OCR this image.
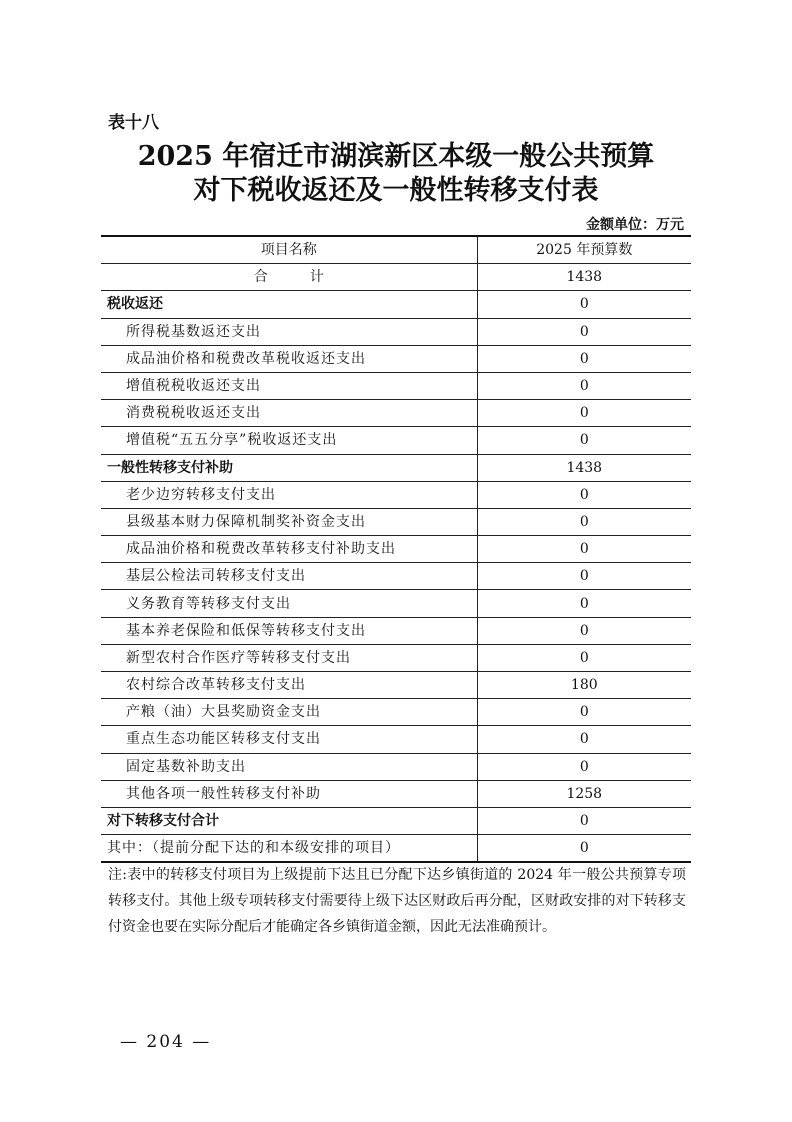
表十八
2025 年宿迁市湖滨新区本级一般公共预算
对下税收返还及一般性转移支付表
金额单位：万元
项目名称	2025 年预算数
合　　　计	1438
税收返还	0
所得税基数返还支出	0
成品油价格和税费改革税收返还支出	0
增值税税收返还支出	0
消费税税收返还支出	0
增值税“五五分享”税收返还支出	0
一般性转移支付补助	1438
老少边穷转移支付支出	0
县级基本财力保障机制奖补资金支出	0
成品油价格和税费改革转移支付补助支出	0
基层公检法司转移支付支出	0
义务教育等转移支付支出	0
基本养老保险和低保等转移支付支出	0
新型农村合作医疗等转移支付支出	0
农村综合改革转移支付支出	180
产粮（油）大县奖励资金支出	0
重点生态功能区转移支付支出	0
固定基数补助支出	0
其他各项一般性转移支付补助	1258
对下转移支付合计	0
其中：（提前分配下达的和本级安排的项目）	0
注:表中的转移支付项目为上级提前下达且已分配下达乡镇街道的 2024 年一般公共预算专项转移支付。其他上级专项转移支付需要待上级下达区财政后再分配，区财政安排的对下转移支付资金也要在实际分配后才能确定各乡镇街道金额，因此无法准确预计。
— 204 —
